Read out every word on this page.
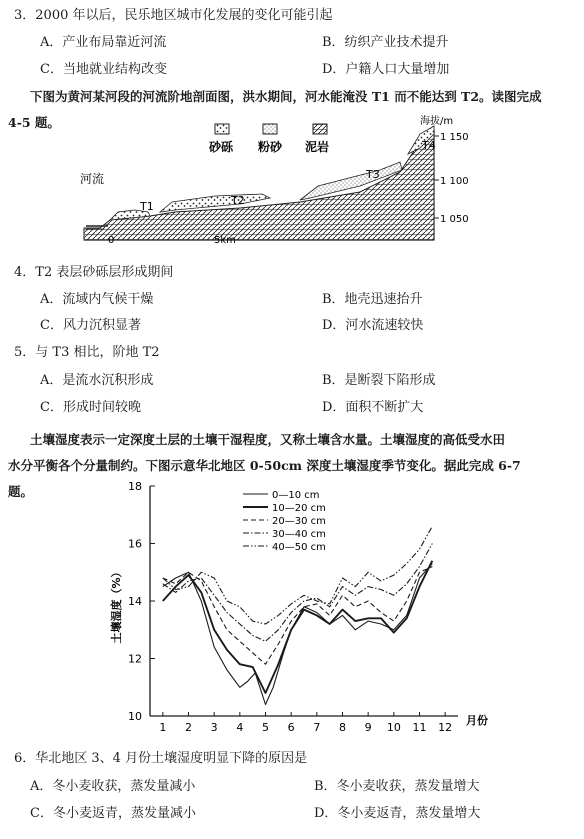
3．2000 年以后，民乐地区城市化发展的变化可能引起
A．产业布局靠近河流	B．纺织产业技术提升
C．当地就业结构改变	D．户籍人口大量增加
下图为黄河某河段的河流阶地剖面图，洪水期间，河水能淹没 T1 而不能达到 T2。读图完成
4-5 题。
砂砾 粉砂 泥岩
海拔/m
1 150
1 100
1 050
河流
T1	T2
T3
T4
0	5km
4．T2 表层砂砾层形成期间
A．流域内气候干燥	B．地壳迅速抬升
C．风力沉积显著	D．河水流速较快
5．与 T3 相比，阶地 T2
A．是流水沉积形成	B．是断裂下陷形成
C．形成时间较晚	D．面积不断扩大
土壤湿度表示一定深度土层的土壤干湿程度，又称土壤含水量。土壤湿度的高低受水田
水分平衡各个分量制约。下图示意华北地区 0-50cm 深度土壤湿度季节变化。据此完成 6-7
题。
10
12
14
16
18
1 2 3 4 5 6 7 8 9 10 11 12
0—10 cm
10—20 cm
20—30 cm
30—40 cm
40—50 cm
土壤湿度（%）
月份
6．华北地区 3、4 月份土壤湿度明显下降的原因是
A．冬小麦收获，蒸发量减小	B．冬小麦收获，蒸发量增大
C．冬小麦返青，蒸发量减小	D．冬小麦返青，蒸发量增大
